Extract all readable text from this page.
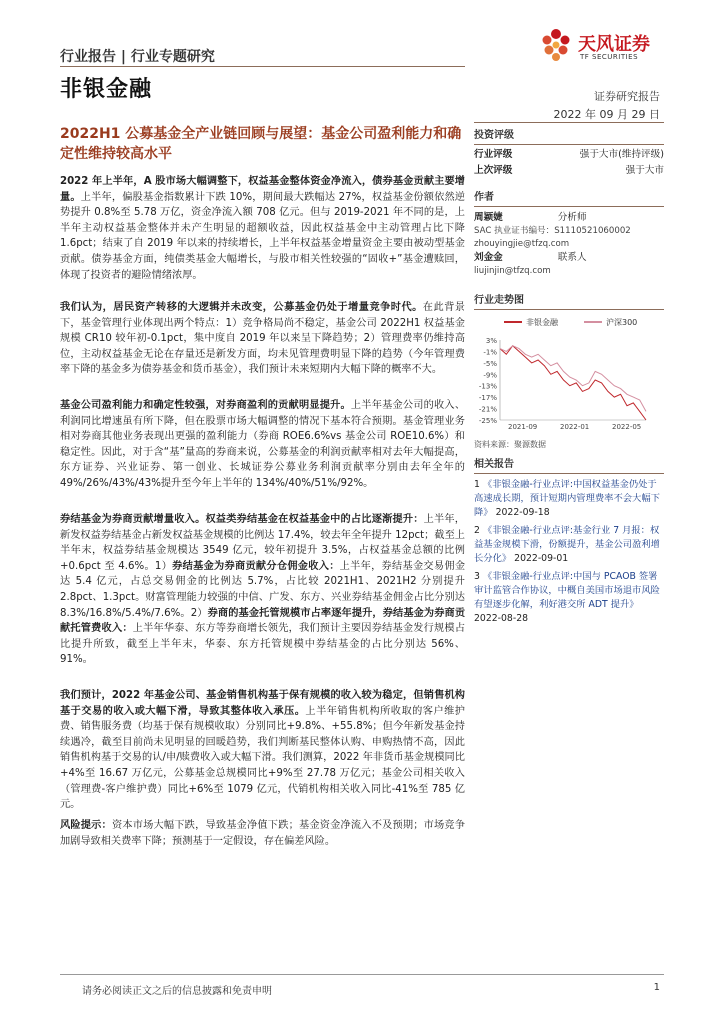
行业报告 | 行业专题研究
非银金融
天风证券
TF SECURITIES
证券研究报告
2022 年 09 月 29 日
2022H1 公募基金全产业链回顾与展望：基金公司盈利能力和确定性维持较高水平

2022 年上半年，A 股市场大幅调整下，权益基金整体资金净流入，债券基金贡献主要增量。上半年，偏股基金指数累计下跌 10%，期间最大跌幅达 27%，权益基金份额依然逆势提升 0.8%至 5.78 万亿，资金净流入额 708 亿元。但与 2019-2021 年不同的是，上半年主动权益基金整体并未产生明显的超额收益，因此权益基金中主动管理占比下降 1.6pct；结束了自 2019 年以来的持续增长，上半年权益基金增量资金主要由被动型基金贡献。债券基金方面，纯债类基金大幅增长，与股市相关性较强的“固收+”基金遭赎回，体现了投资者的避险情绪浓厚。

我们认为，居民资产转移的大逻辑并未改变，公募基金仍处于增量竞争时代。在此背景下，基金管理行业体现出两个特点：1）竞争格局尚不稳定，基金公司 2022H1 权益基金规模 CR10 较年初-0.1pct，集中度自 2019 年以来呈下降趋势；2）管理费率仍维持高位，主动权益基金无论在存量还是新发方面，均未见管理费明显下降的趋势（今年管理费率下降的基金多为债券基金和货币基金），我们预计未来短期内大幅下降的概率不大。

基金公司盈利能力和确定性较强，对券商盈利的贡献明显提升。上半年基金公司的收入、利润同比增速虽有所下降，但在股票市场大幅调整的情况下基本符合预期。基金管理业务相对券商其他业务表现出更强的盈利能力（券商 ROE6.6%vs 基金公司 ROE10.6%）和稳定性。因此，对于含“基”量高的券商来说，公募基金的利润贡献率相对去年大幅提高，东方证券、兴业证券、第一创业、长城证券公募业务利润贡献率分别由去年全年的 49%/26%/43%/43%提升至今年上半年的 134%/40%/51%/92%。

券结基金为券商贡献增量收入。权益类券结基金在权益基金中的占比逐渐提升：上半年，新发权益券结基金占新发权益基金规模的比例达 17.4%，较去年全年提升 12pct；截至上半年末，权益券结基金规模达 3549 亿元，较年初提升 3.5%，占权益基金总额的比例+0.6pct 至 4.6%。1）券结基金为券商贡献分仓佣金收入：上半年，券结基金交易佣金达 5.4 亿元，占总交易佣金的比例达 5.7%，占比较 2021H1、2021H2 分别提升 2.8pct、1.3pct。财富管理能力较强的中信、广发、东方、兴业券结基金佣金占比分别达 8.3%/16.8%/5.4%/7.6%。2）券商的基金托管规模市占率逐年提升，券结基金为券商贡献托管费收入：上半年华泰、东方等券商增长领先，我们预计主要因券结基金发行规模占比提升所致，截至上半年末，华泰、东方托管规模中券结基金的占比分别达 56%、91%。

我们预计，2022 年基金公司、基金销售机构基于保有规模的收入较为稳定，但销售机构基于交易的收入或大幅下滑，导致其整体收入承压。上半年销售机构所收取的客户维护费、销售服务费（均基于保有规模收取）分别同比+9.8%、+55.8%；但今年新发基金持续遇冷，截至目前尚未见明显的回暖趋势，我们判断基民整体认购、申购热情不高，因此销售机构基于交易的认/申/赎费收入或大幅下滑。我们测算，2022 年非货币基金规模同比+4%至 16.67 万亿元，公募基金总规模同比+9%至 27.78 万亿元；基金公司相关收入（管理费-客户维护费）同比+6%至 1079 亿元，代销机构相关收入同比-41%至 785 亿元。

风险提示：资本市场大幅下跌，导致基金净值下跌；基金资金净流入不及预期；市场竞争加剧导致相关费率下降；预测基于一定假设，存在偏差风险。

投资评级
行业评级	强于大市(维持评级)
上次评级	强于大市
作者
周颖婕	分析师
SAC 执业证书编号：S1110521060002
zhouyingjie@tfzq.com
刘金金	联系人
liujinjin@tfzq.com
行业走势图
非银金融	沪深300
3%
-1%
-5%
-9%
-13%
-17%
-21%
-25%
2021-09	2022-01	2022-05
资料来源：聚源数据
相关报告

1 《非银金融-行业点评:中国权益基金仍处于高速成长期，预计短期内管理费率不会大幅下降》 2022-09-18

2 《非银金融-行业点评:基金行业 7 月报：权益基金规模下滑，份额提升，基金公司盈利增长分化》 2022-09-01

3 《非银金融-行业点评:中国与 PCAOB 签署审计监管合作协议，中概自美国市场退市风险有望逐步化解，利好港交所 ADT 提升》 2022-08-28

请务必阅读正文之后的信息披露和免责申明	1
